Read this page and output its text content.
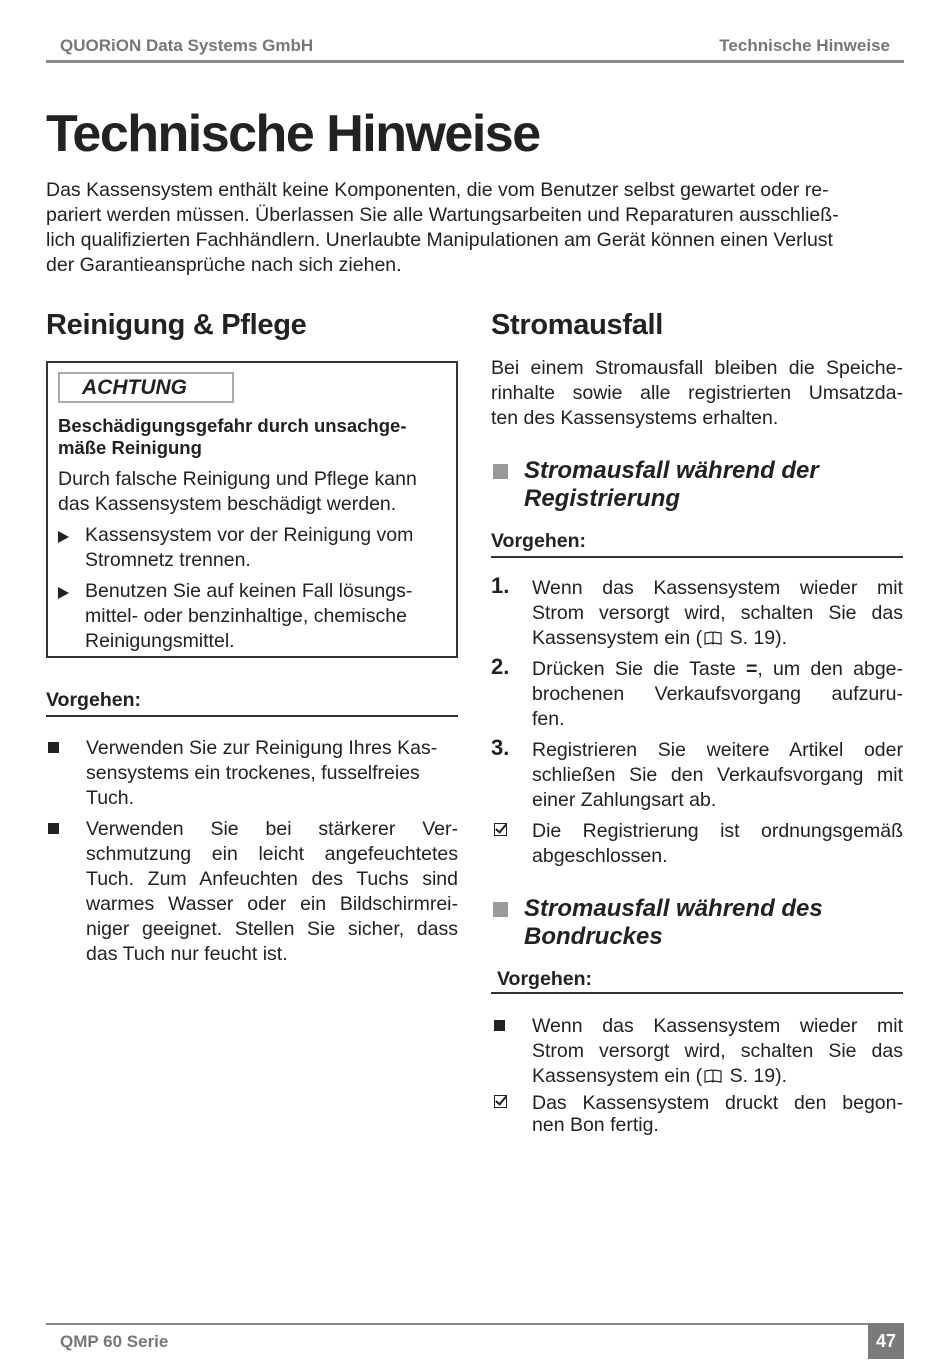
QUORiON Data Systems GmbH	Technische Hinweise
Technische Hinweise
Das Kassensystem enthält keine Komponenten, die vom Benutzer selbst gewartet oder re-
pariert werden müssen. Überlassen Sie alle Wartungsarbeiten und Reparaturen ausschließ-
lich qualifizierten Fachhändlern. Unerlaubte Manipulationen am Gerät können einen Verlust
der Garantieansprüche nach sich ziehen.
Reinigung & Pflege
ACHTUNG
Beschädigungsgefahr durch unsachge-
mäße Reinigung
Durch falsche Reinigung und Pflege kann
das Kassensystem beschädigt werden.
Kassensystem vor der Reinigung vom
Stromnetz trennen.
Benutzen Sie auf keinen Fall lösungs-
mittel- oder benzinhaltige, chemische
Reinigungsmittel.
Vorgehen:
Verwenden Sie zur Reinigung Ihres Kas-
sensystems ein trockenes, fusselfreies
Tuch.
Verwenden Sie bei stärkerer Ver-
schmutzung ein leicht angefeuchtetes
Tuch. Zum Anfeuchten des Tuchs sind
warmes Wasser oder ein Bildschirmrei-
niger geeignet. Stellen Sie sicher, dass
das Tuch nur feucht ist.
Stromausfall
Bei einem Stromausfall bleiben die Speiche-
rinhalte sowie alle registrierten Umsatzda-
ten des Kassensystems erhalten.
Stromausfall während der
Registrierung
Vorgehen:
1. Wenn das Kassensystem wieder mit
Strom versorgt wird, schalten Sie das
Kassensystem ein ( S. 19).
2. Drücken Sie die Taste =, um den abge-
brochenen Verkaufsvorgang aufzuru-
fen.
3. Registrieren Sie weitere Artikel oder
schließen Sie den Verkaufsvorgang mit
einer Zahlungsart ab.
Die Registrierung ist ordnungsgemäß
abgeschlossen.
Stromausfall während des
Bondruckes
Vorgehen:
Wenn das Kassensystem wieder mit
Strom versorgt wird, schalten Sie das
Kassensystem ein ( S. 19).
Das Kassensystem druckt den begon-
nen Bon fertig.
QMP 60 Serie	47
